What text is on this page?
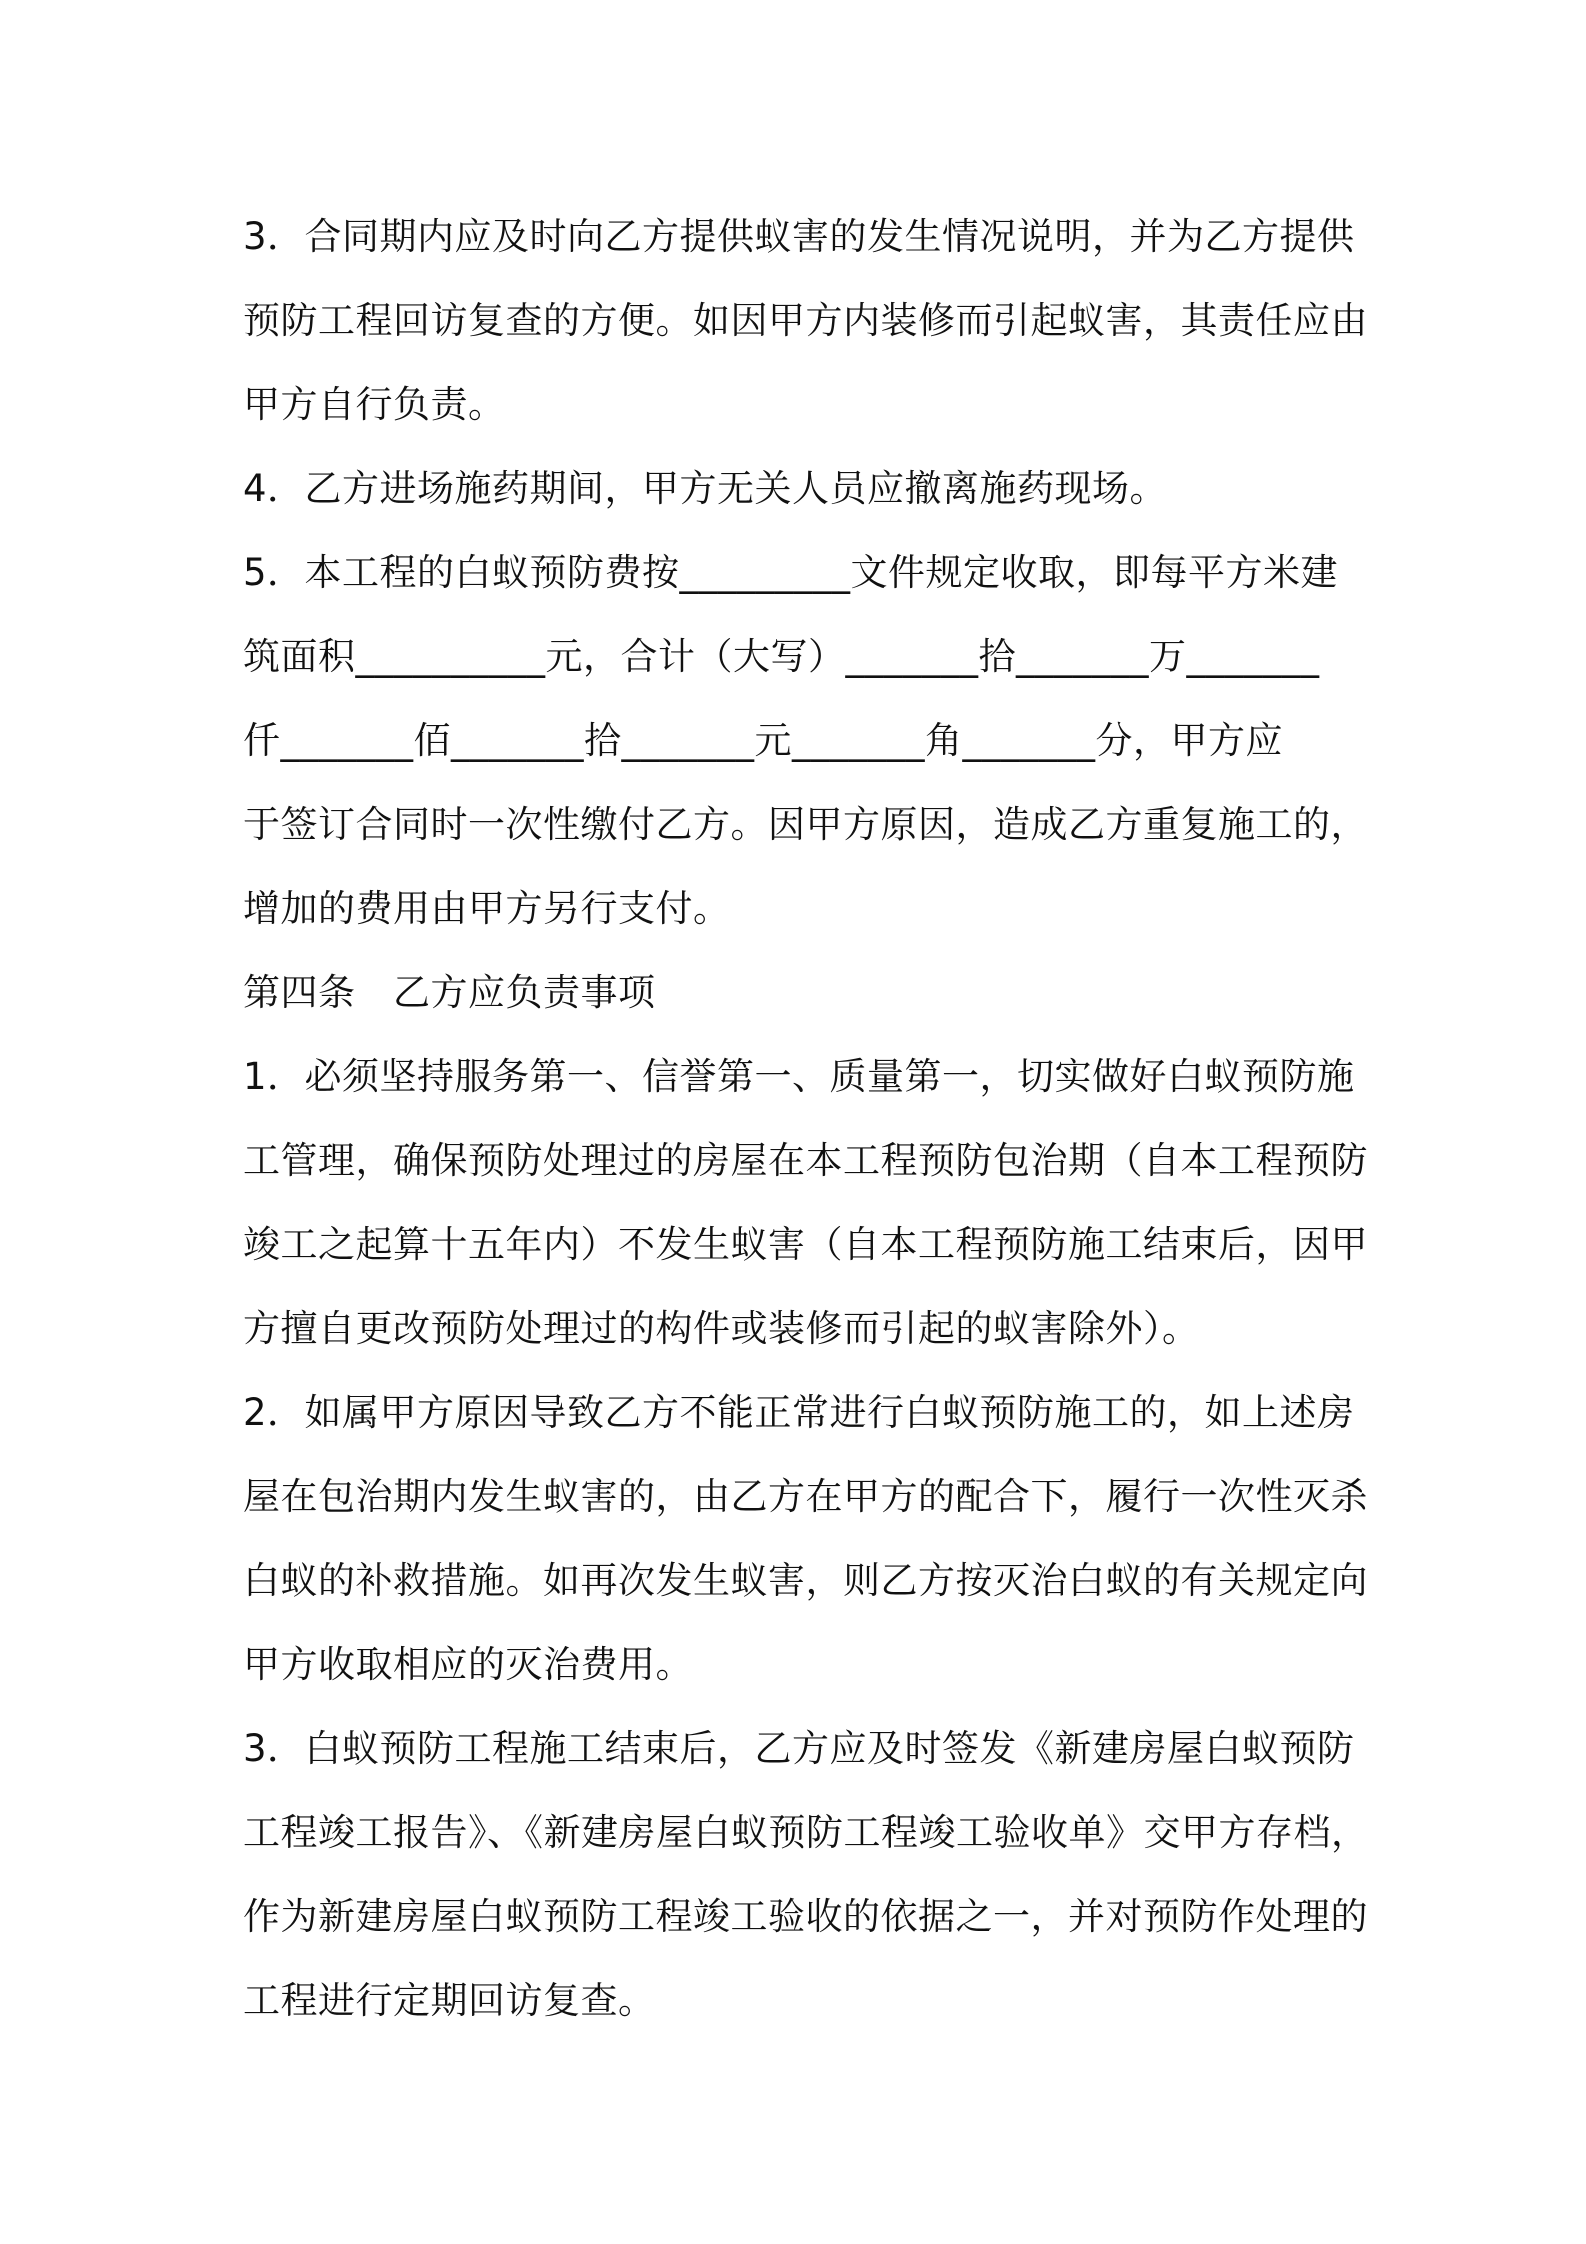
3．合同期内应及时向乙方提供蚁害的发生情况说明，并为乙方提供
预防工程回访复查的方便。如因甲方内装修而引起蚁害，其责任应由
甲方自行负责。
4．乙方进场施药期间，甲方无关人员应撤离施药现场。
5．本工程的白蚁预防费按_________文件规定收取，即每平方米建
筑面积__________元，合计（大写）_______拾_______万_______
仟_______佰_______拾_______元_______角_______分，甲方应
于签订合同时一次性缴付乙方。因甲方原因，造成乙方重复施工的，
增加的费用由甲方另行支付。
第四条　乙方应负责事项
1．必须坚持服务第一、信誉第一、质量第一，切实做好白蚁预防施
工管理，确保预防处理过的房屋在本工程预防包治期（自本工程预防
竣工之起算十五年内）不发生蚁害（自本工程预防施工结束后，因甲
方擅自更改预防处理过的构件或装修而引起的蚁害除外）。
2．如属甲方原因导致乙方不能正常进行白蚁预防施工的，如上述房
屋在包治期内发生蚁害的，由乙方在甲方的配合下，履行一次性灭杀
白蚁的补救措施。如再次发生蚁害，则乙方按灭治白蚁的有关规定向
甲方收取相应的灭治费用。
3．白蚁预防工程施工结束后，乙方应及时签发《新建房屋白蚁预防
工程竣工报告》、《新建房屋白蚁预防工程竣工验收单》交甲方存档，
作为新建房屋白蚁预防工程竣工验收的依据之一，并对预防作处理的
工程进行定期回访复查。
